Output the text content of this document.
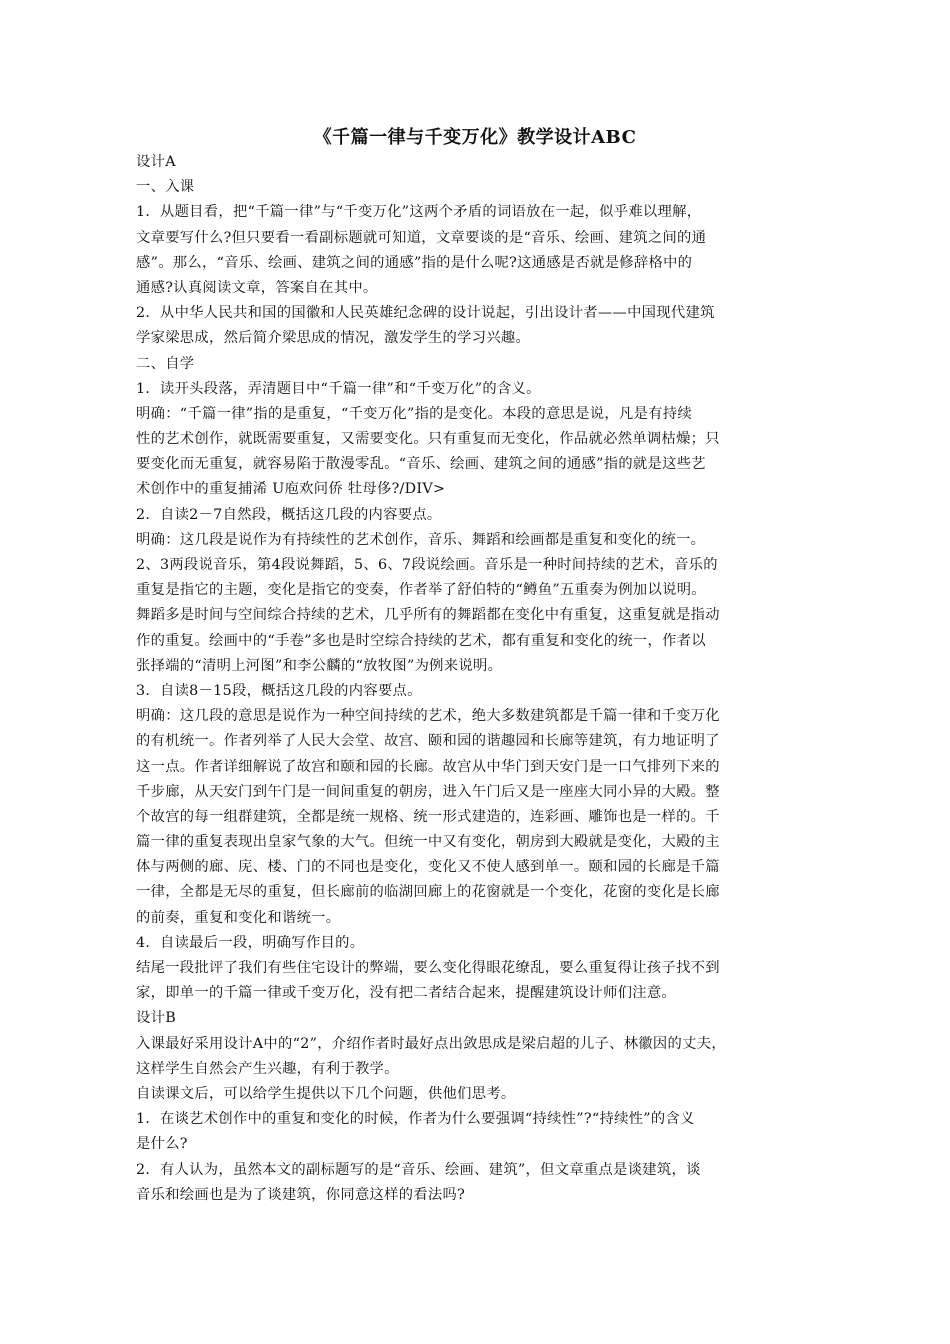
《千篇一律与千变万化》教学设计ABC
设计A
一、入课
1．从题目看，把“千篇一律”与“千变万化”这两个矛盾的词语放在一起，似乎难以理解，
文章要写什么?但只要看一看副标题就可知道，文章要谈的是“音乐、绘画、建筑之间的通
感”。那么，“音乐、绘画、建筑之间的通感”指的是什么呢?这通感是否就是修辞格中的
通感?认真阅读文章，答案自在其中。
2．从中华人民共和国的国徽和人民英雄纪念碑的设计说起，引出设计者——中国现代建筑
学家梁思成，然后简介梁思成的情况，激发学生的学习兴趣。
二、自学
1．读开头段落，弄清题目中“千篇一律”和“千变万化”的含义。
明确：“千篇一律”指的是重复，“千变万化”指的是变化。本段的意思是说，凡是有持续
性的艺术创作，就既需要重复，又需要变化。只有重复而无变化，作品就必然单调枯燥；只
要变化而无重复，就容易陷于散漫零乱。“音乐、绘画、建筑之间的通感”指的就是这些艺
术创作中的重复捕浠 U庖欢问侨 牡母侈?/DIV>
2．自读2－7自然段，概括这几段的内容要点。
明确：这几段是说作为有持续性的艺术创作，音乐、舞蹈和绘画都是重复和变化的统一。
2、3两段说音乐，第4段说舞蹈，5、6、7段说绘画。音乐是一种时间持续的艺术，音乐的
重复是指它的主题，变化是指它的变奏，作者举了舒伯特的“鳟鱼”五重奏为例加以说明。
舞蹈多是时间与空间综合持续的艺术，几乎所有的舞蹈都在变化中有重复，这重复就是指动
作的重复。绘画中的“手卷”多也是时空综合持续的艺术，都有重复和变化的统一，作者以
张择端的“清明上河图”和李公麟的“放牧图”为例来说明。
3．自读8－15段，概括这几段的内容要点。
明确：这几段的意思是说作为一种空间持续的艺术，绝大多数建筑都是千篇一律和千变万化
的有机统一。作者列举了人民大会堂、故宫、颐和园的谐趣园和长廊等建筑，有力地证明了
这一点。作者详细解说了故宫和颐和园的长廊。故宫从中华门到天安门是一口气排列下来的
千步廊，从天安门到午门是一间间重复的朝房，进入午门后又是一座座大同小异的大殿。整
个故宫的每一组群建筑，全都是统一规格、统一形式建造的，连彩画、雕饰也是一样的。千
篇一律的重复表现出皇家气象的大气。但统一中又有变化，朝房到大殿就是变化，大殿的主
体与两侧的廊、庑、楼、门的不同也是变化，变化又不使人感到单一。颐和园的长廊是千篇
一律，全都是无尽的重复，但长廊前的临湖回廊上的花窗就是一个变化，花窗的变化是长廊
的前奏，重复和变化和谐统一。
4．自读最后一段，明确写作目的。
结尾一段批评了我们有些住宅设计的弊端，要么变化得眼花缭乱，要么重复得让孩子找不到
家，即单一的千篇一律或千变万化，没有把二者结合起来，提醒建筑设计师们注意。
设计B
入课最好采用设计A中的“2”，介绍作者时最好点出敛思成是梁启超的儿子、林徽因的丈夫，
这样学生自然会产生兴趣，有利于教学。
自读课文后，可以给学生提供以下几个问题，供他们思考。
1．在谈艺术创作中的重复和变化的时候，作者为什么要强调“持续性”?“持续性”的含义
是什么?
2．有人认为，虽然本文的副标题写的是“音乐、绘画、建筑”，但文章重点是谈建筑，谈
音乐和绘画也是为了谈建筑，你同意这样的看法吗?
